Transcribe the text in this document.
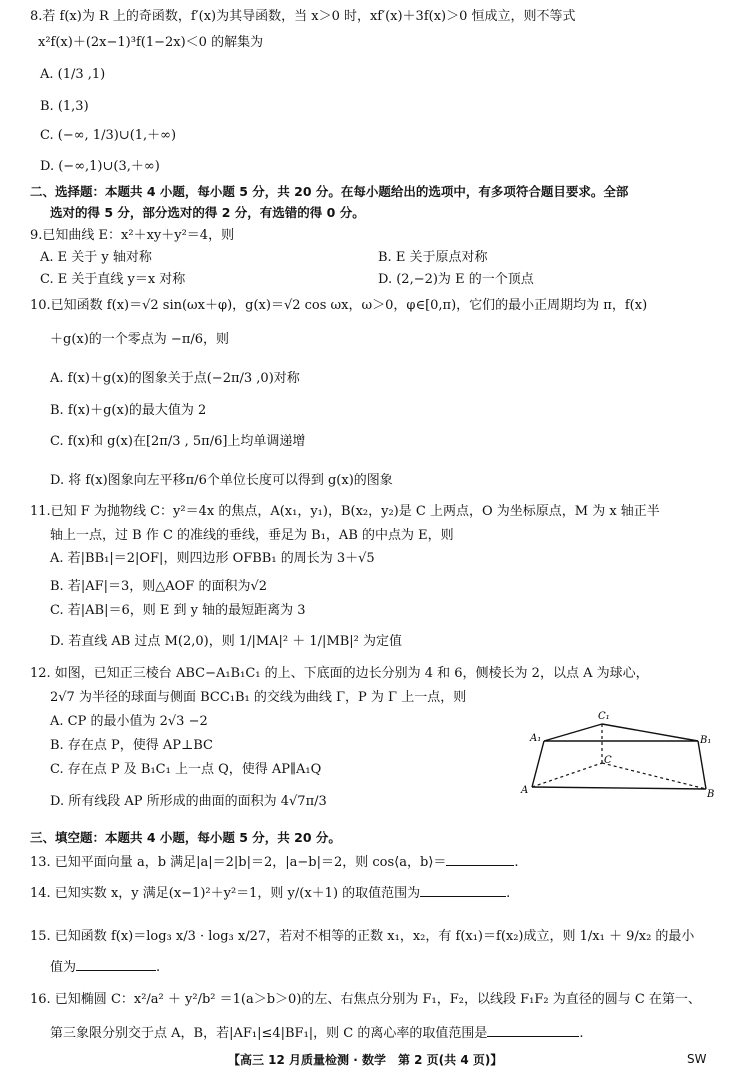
8.若 f(x)为 R 上的奇函数，f′(x)为其导函数，当 x＞0 时，xf′(x)＋3f(x)＞0 恒成立，则不等式
x²f(x)＋(2x−1)³f(1−2x)＜0 的解集为
A. (1/3 ,1)
B. (1,3)
C. (−∞, 1/3)∪(1,＋∞)
D. (−∞,1)∪(3,＋∞)
二、选择题：本题共 4 小题，每小题 5 分，共 20 分。在每小题给出的选项中，有多项符合题目要求。全部
选对的得 5 分，部分选对的得 2 分，有选错的得 0 分。
9.已知曲线 E：x²＋xy＋y²＝4，则
A. E 关于 y 轴对称	B. E 关于原点对称
C. E 关于直线 y＝x 对称	D. (2,−2)为 E 的一个顶点
10.已知函数 f(x)＝√2 sin(ωx＋φ)，g(x)＝√2 cos ωx，ω＞0，φ∈[0,π)，它们的最小正周期均为 π，f(x)
＋g(x)的一个零点为 −π/6，则
A. f(x)＋g(x)的图象关于点(−2π/3 ,0)对称
B. f(x)＋g(x)的最大值为 2
C. f(x)和 g(x)在[2π/3 , 5π/6]上均单调递增
D. 将 f(x)图象向左平移π/6个单位长度可以得到 g(x)的图象
11.已知 F 为抛物线 C：y²＝4x 的焦点，A(x₁，y₁)，B(x₂，y₂)是 C 上两点，O 为坐标原点，M 为 x 轴正半
轴上一点，过 B 作 C 的准线的垂线，垂足为 B₁，AB 的中点为 E，则
A. 若|BB₁|＝2|OF|，则四边形 OFBB₁ 的周长为 3＋√5
B. 若|AF|＝3，则△AOF 的面积为√2
C. 若|AB|＝6，则 E 到 y 轴的最短距离为 3
D. 若直线 AB 过点 M(2,0)，则 1/|MA|² ＋ 1/|MB|² 为定值
12. 如图，已知正三棱台 ABC−A₁B₁C₁ 的上、下底面的边长分别为 4 和 6，侧棱长为 2，以点 A 为球心，
2√7 为半径的球面与侧面 BCC₁B₁ 的交线为曲线 Γ，P 为 Γ 上一点，则
A. CP 的最小值为 2√3 −2
B. 存在点 P，使得 AP⊥BC
C. 存在点 P 及 B₁C₁ 上一点 Q，使得 AP∥A₁Q
D. 所有线段 AP 所形成的曲面的面积为 4√7π/3
A₁
C₁
B₁
C
A	B
三、填空题：本题共 4 小题，每小题 5 分，共 20 分。
13. 已知平面向量 a，b 满足|a|＝2|b|＝2，|a−b|＝2，则 cos⟨a，b⟩＝	.
14. 已知实数 x，y 满足(x−1)²＋y²＝1，则 y/(x＋1) 的取值范围为	.
15. 已知函数 f(x)＝log₃ x/3 · log₃ x/27，若对不相等的正数 x₁，x₂，有 f(x₁)＝f(x₂)成立，则 1/x₁ ＋ 9/x₂ 的最小
值为	.
16. 已知椭圆 C：x²/a² ＋ y²/b² ＝1(a＞b＞0)的左、右焦点分别为 F₁，F₂，以线段 F₁F₂ 为直径的圆与 C 在第一、
第三象限分别交于点 A，B，若|AF₁|≤4|BF₁|，则 C 的离心率的取值范围是	.
【高三 12 月质量检测 · 数学　第 2 页(共 4 页)】	SW
